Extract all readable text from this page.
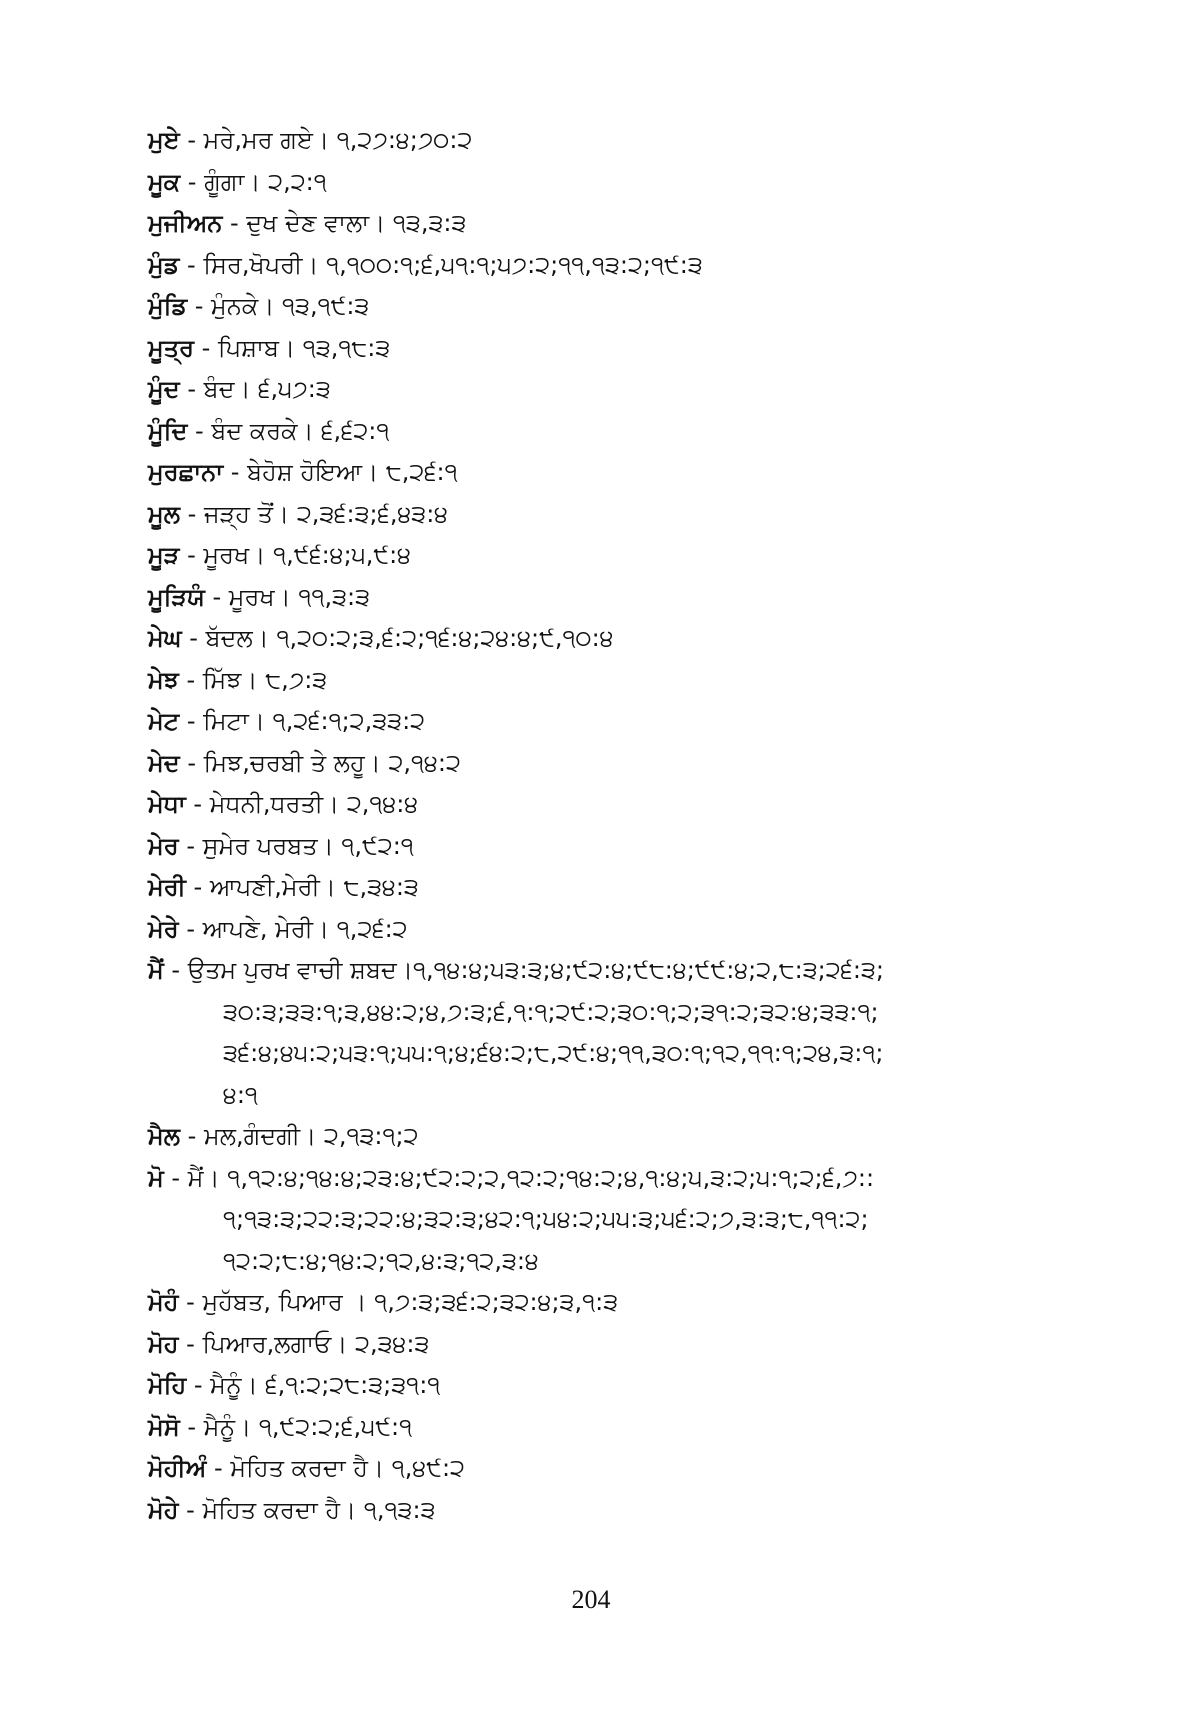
ਮੁਏ - ਮਰੇ,ਮਰ ਗਏ। ੧,੨੭:੪;੭੦:੨
ਮੂਕ - ਗੂੰਗਾ। ੨,੨:੧
ਮੁਜੀਅਨ - ਦੁਖ ਦੇਣ ਵਾਲਾ। ੧੩,੩:੩
ਮੁੰਡ - ਸਿਰ,ਖੋਪਰੀ। ੧,੧੦੦:੧;੬,੫੧:੧;੫੭:੨;੧੧,੧੩:੨;੧੯:੩
ਮੁੰਡਿ - ਮੁੰਨਕੇ। ੧੩,੧੯:੩
ਮੂਤ੍ਰ - ਪਿਸ਼ਾਬ। ੧੩,੧੮:੩
ਮੂੰਦ - ਬੰਦ। ੬,੫੭:੩
ਮੂੰਦਿ - ਬੰਦ ਕਰਕੇ। ੬,੬੨:੧
ਮੁਰਛਾਨਾ - ਬੇਹੋਸ਼ ਹੋਇਆ। ੮,੨੬:੧
ਮੂਲ - ਜੜ੍ਹ ਤੋਂ। ੨,੩੬:੩;੬,੪੩:੪
ਮੂੜ - ਮੂਰਖ। ੧,੯੬:੪;੫,੯:੪
ਮੂੜਿਯੰ - ਮੂਰਖ। ੧੧,੩:੩
ਮੇਘ - ਬੱਦਲ। ੧,੨੦:੨;੩,੬:੨;੧੬:੪;੨੪:੪;੯,੧੦:੪
ਮੇਝ - ਮਿੱਝ। ੮,੭:੩
ਮੇਟ - ਮਿਟਾ। ੧,੨੬:੧;੨,੩੩:੨
ਮੇਦ - ਮਿਝ,ਚਰਬੀ ਤੇ ਲਹੂ। ੨,੧੪:੨
ਮੇਧਾ - ਮੇਧਨੀ,ਧਰਤੀ। ੨,੧੪:੪
ਮੇਰ - ਸੁਮੇਰ ਪਰਬਤ। ੧,੯੨:੧
ਮੇਰੀ - ਆਪਣੀ,ਮੇਰੀ। ੮,੩੪:੩
ਮੇਰੇ - ਆਪਣੇ, ਮੇਰੀ। ੧,੨੬:੨
ਮੈਂ - ਉਤਮ ਪੁਰਖ ਵਾਚੀ ਸ਼ਬਦ।੧,੧੪:੪;੫੩:੩;੪;੯੨:੪;੯੮:੪;੯੯:੪;੨,੮:੩;੨੬:੩;
੩੦:੩;੩੩:੧;੩,੪੪:੨;੪,੭:੩;੬,੧:੧;੨੯:੨;੩੦:੧;੨;੩੧:੨;੩੨:੪;੩੩:੧;
੩੬:੪;੪੫:੨;੫੩:੧;੫੫:੧;੪;੬੪:੨;੮,੨੯:੪;੧੧,੩੦:੧;੧੨,੧੧:੧;੨੪,੩:੧;
੪:੧
ਮੈਲ - ਮਲ,ਗੰਦਗੀ। ੨,੧੩:੧;੨
ਮੋ - ਮੈਂ। ੧,੧੨:੪;੧੪:੪;੨੩:੪;੯੨:੨;੨,੧੨:੨;੧੪:੨;੪,੧:੪;੫,੩:੨;੫:੧;੨;੬,੭::
੧;੧੩:੩;੨੨:੩;੨੨:੪;੩੨:੩;੪੨:੧;੫੪:੨;੫੫:੩;੫੬:੨;੭,੩:੩;੮,੧੧:੨;
੧੨:੨;੮:੪;੧੪:੨;੧੨,੪:੩;੧੨,੩:੪
ਮੋਹੰ - ਮੁਹੱਬਤ, ਪਿਆਰ । ੧,੭:੩;੩੬:੨;੩੨:੪;੩,੧:੩
ਮੋਹ - ਪਿਆਰ,ਲਗਾਓ। ੨,੩੪:੩
ਮੋਹਿ - ਮੈਨੂੰ। ੬,੧:੨;੨੮:੩;੩੧:੧
ਮੋਸੋ - ਮੈਨੂੰ। ੧,੯੨:੨;੬,੫੯:੧
ਮੋਹੀਅੰ - ਮੋਹਿਤ ਕਰਦਾ ਹੈ। ੧,੪੯:੨
ਮੋਹੇ - ਮੋਹਿਤ ਕਰਦਾ ਹੈ। ੧,੧੩:੩
204
